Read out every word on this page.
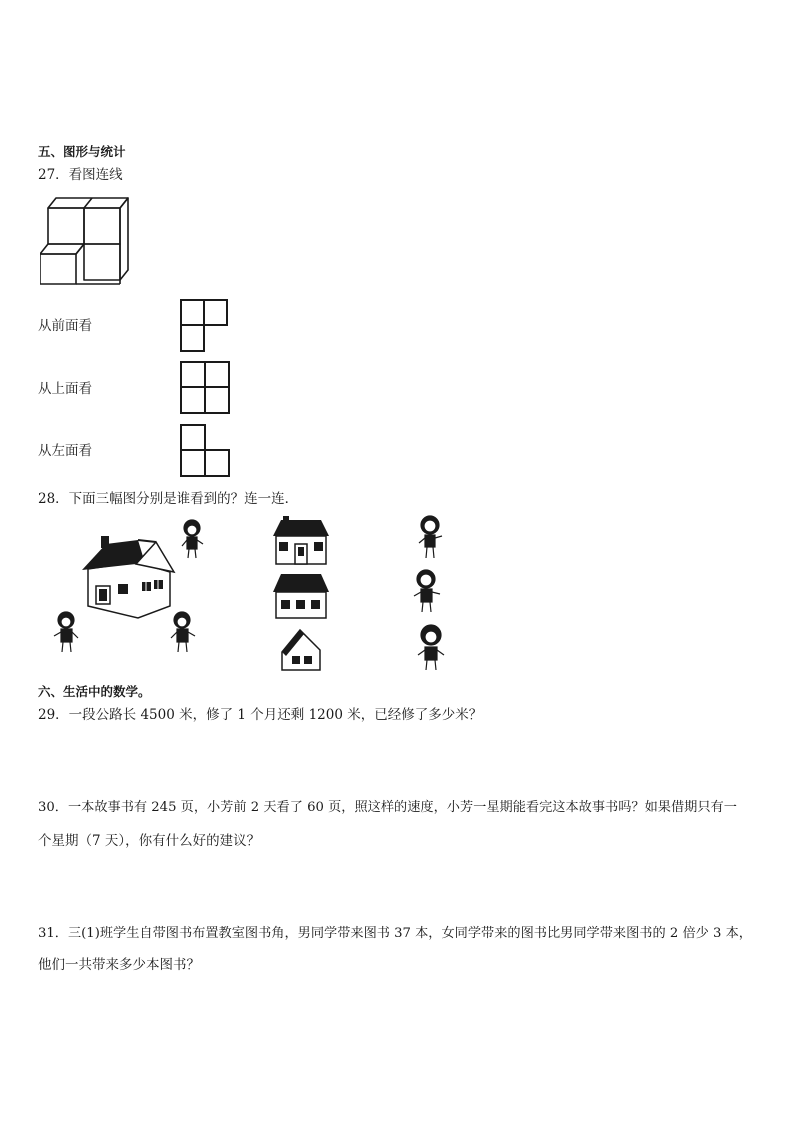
五、图形与统计
27．看图连线
从前面看
从上面看
从左面看
28．下面三幅图分别是谁看到的？连一连．
六、生活中的数学。
29．一段公路长 4500 米，修了 1 个月还剩 1200 米，已经修了多少米？
30．一本故事书有 245 页，小芳前 2 天看了 60 页，照这样的速度，小芳一星期能看完这本故事书吗？如果借期只有一
个星期（7 天），你有什么好的建议？
31．三(1)班学生自带图书布置教室图书角，男同学带来图书 37 本，女同学带来的图书比男同学带来图书的 2 倍少 3 本，
他们一共带来多少本图书？
